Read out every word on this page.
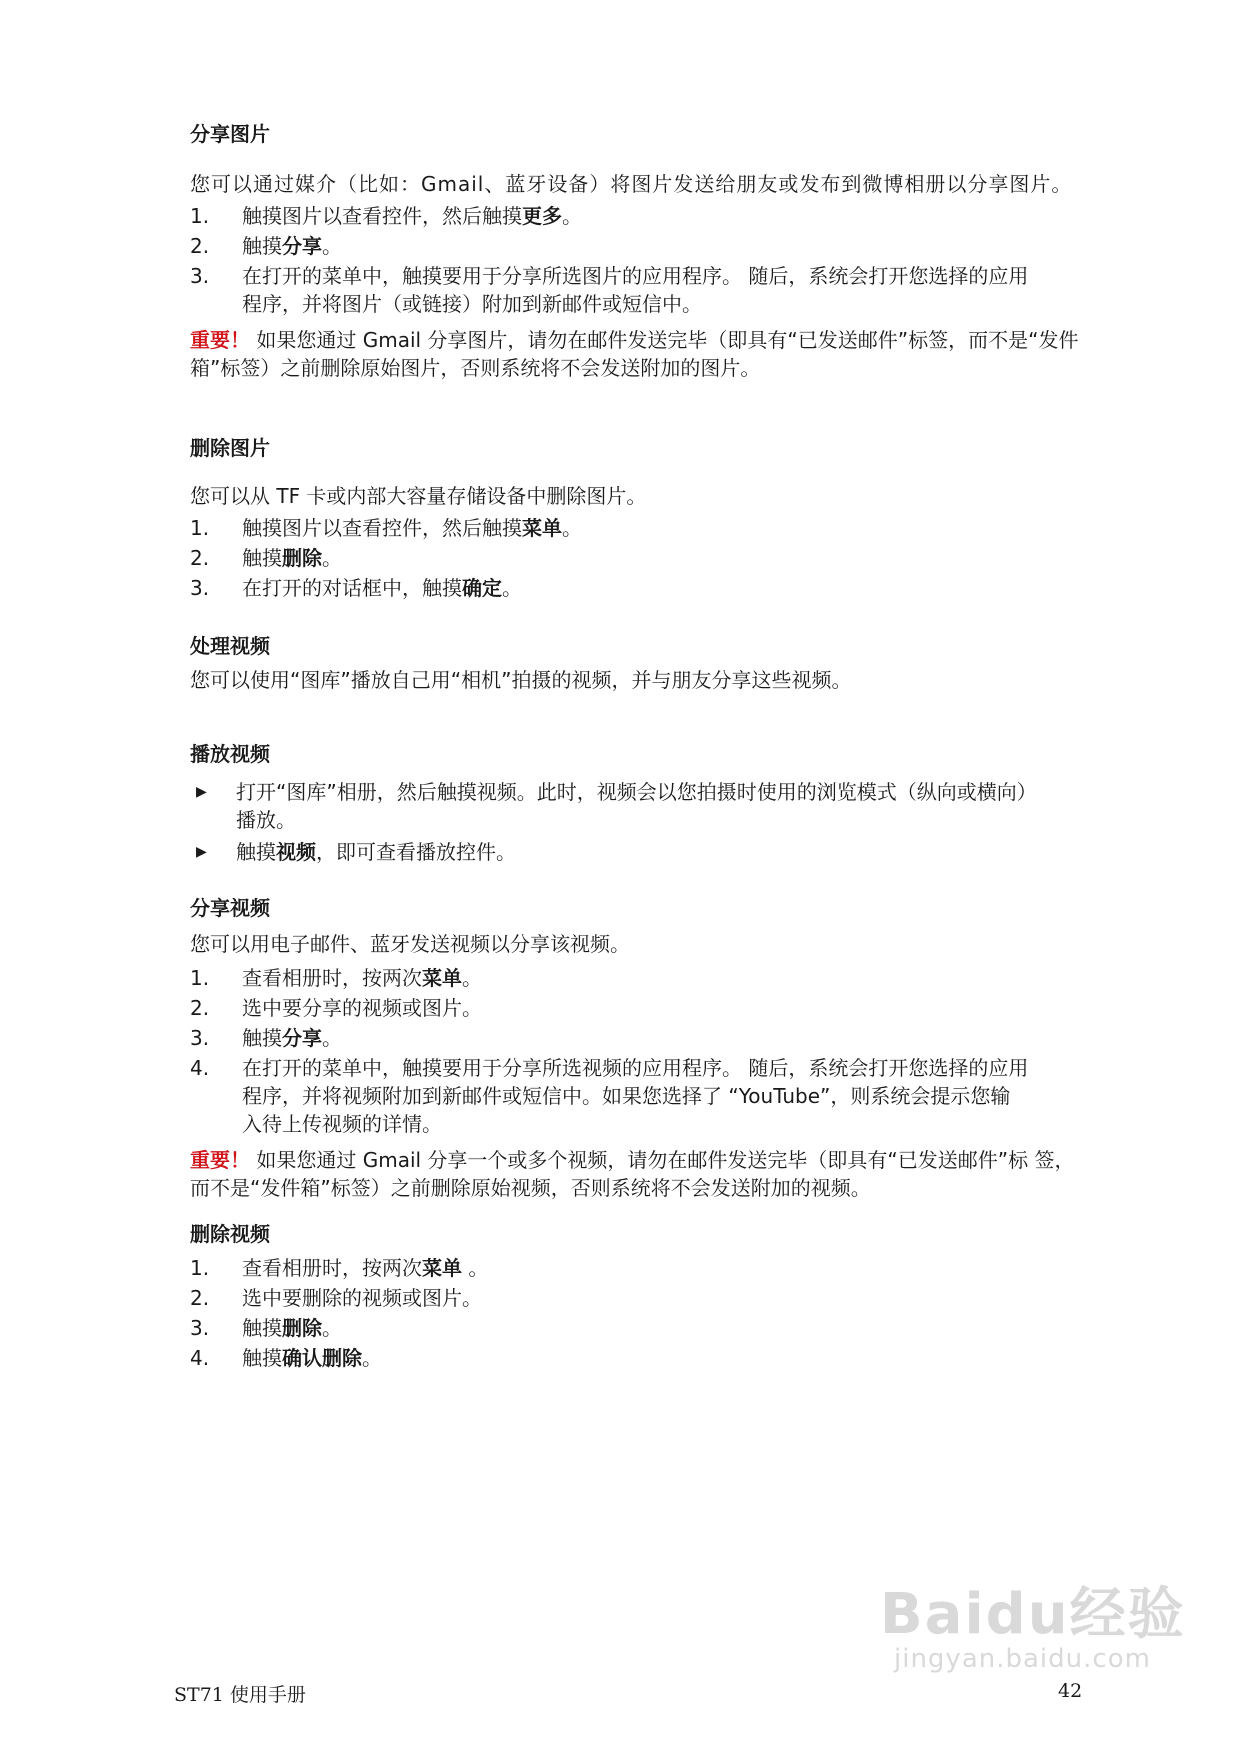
分享图片

您可以通过媒介（比如：Gmail、蓝牙设备）将图片发送给朋友或发布到微博相册以分享图片。

1. 触摸图片以查看控件，然后触摸更多。

2. 触摸分享。

3. 在打开的菜单中，触摸要用于分享所选图片的应用程序。 随后，系统会打开您选择的应用程序，并将图片（或链接）附加到新邮件或短信中。

重要！ 如果您通过 Gmail 分享图片，请勿在邮件发送完毕（即具有“已发送邮件”标签，而不是“发件箱”标签）之前删除原始图片，否则系统将不会发送附加的图片。

删除图片

您可以从 TF 卡或内部大容量存储设备中删除图片。

1. 触摸图片以查看控件，然后触摸菜单。

2. 触摸删除。

3. 在打开的对话框中，触摸确定。

处理视频

您可以使用“图库”播放自己用“相机”拍摄的视频，并与朋友分享这些视频。

播放视频

▶ 打开“图库”相册，然后触摸视频。此时，视频会以您拍摄时使用的浏览模式（纵向或横向）播放。

▶ 触摸视频，即可查看播放控件。

分享视频

您可以用电子邮件、蓝牙发送视频以分享该视频。

1. 查看相册时，按两次菜单。

2. 选中要分享的视频或图片。

3. 触摸分享。

4. 在打开的菜单中，触摸要用于分享所选视频的应用程序。 随后，系统会打开您选择的应用程序，并将视频附加到新邮件或短信中。如果您选择了 “YouTube”，则系统会提示您输入待上传视频的详情。

重要！ 如果您通过 Gmail 分享一个或多个视频，请勿在邮件发送完毕（即具有“已发送邮件”标 签，而不是“发件箱”标签）之前删除原始视频，否则系统将不会发送附加的视频。

删除视频

1. 查看相册时，按两次菜单 。

2. 选中要删除的视频或图片。

3. 触摸删除。

4. 触摸确认删除。

Baidu经验
jingyan.baidu.com
ST71 使用手册	42
